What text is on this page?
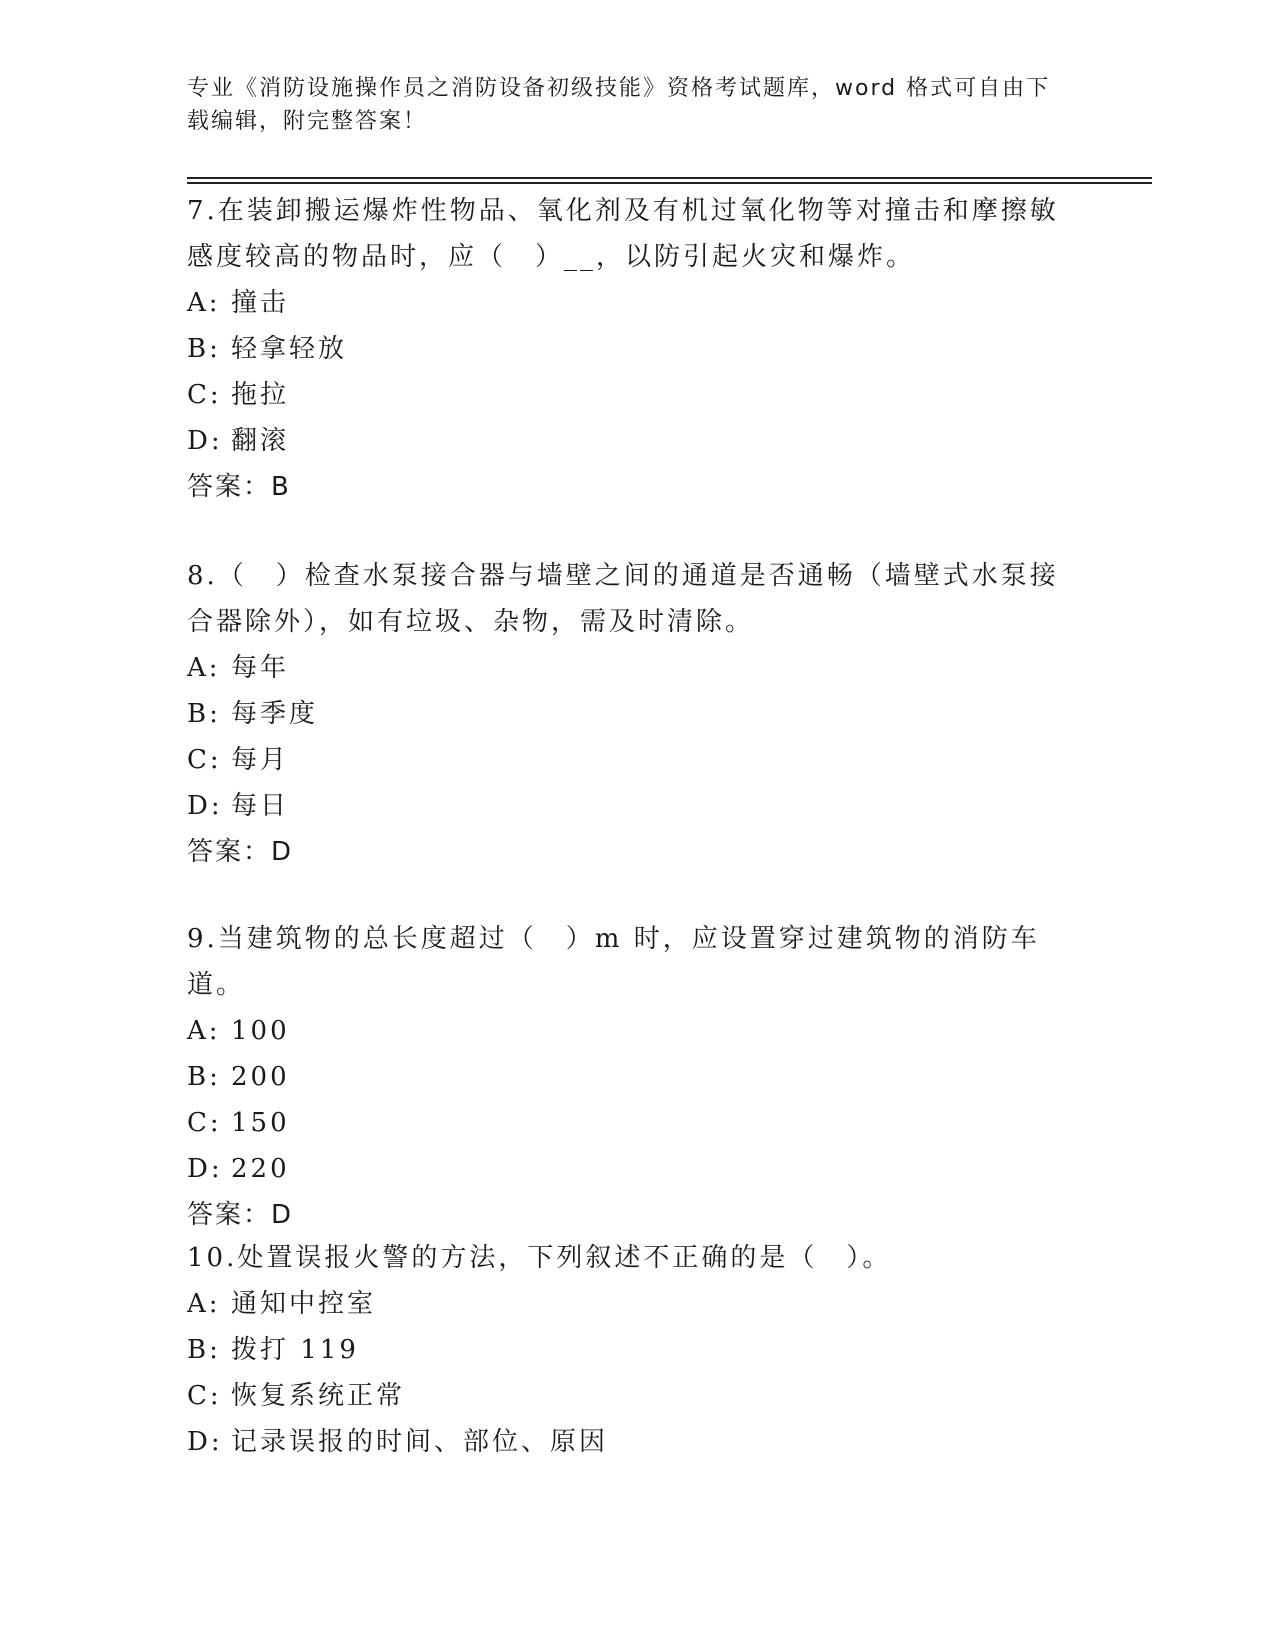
专业《消防设施操作员之消防设备初级技能》资格考试题库，word 格式可自由下
载编辑，附完整答案！
7.在装卸搬运爆炸性物品、氧化剂及有机过氧化物等对撞击和摩擦敏
感度较高的物品时，应（　）__，以防引起火灾和爆炸。
A: 撞击
B: 轻拿轻放
C: 拖拉
D: 翻滚
答案：B
8.（　）检查水泵接合器与墙壁之间的通道是否通畅（墙壁式水泵接
合器除外），如有垃圾、杂物，需及时清除。
A: 每年
B: 每季度
C: 每月
D: 每日
答案：D
9.当建筑物的总长度超过（　）m 时，应设置穿过建筑物的消防车道。
A: 100
B: 200
C: 150
D: 220
答案：D
10.处置误报火警的方法，下列叙述不正确的是（　）。
A: 通知中控室
B: 拨打 119
C: 恢复系统正常
D: 记录误报的时间、部位、原因
